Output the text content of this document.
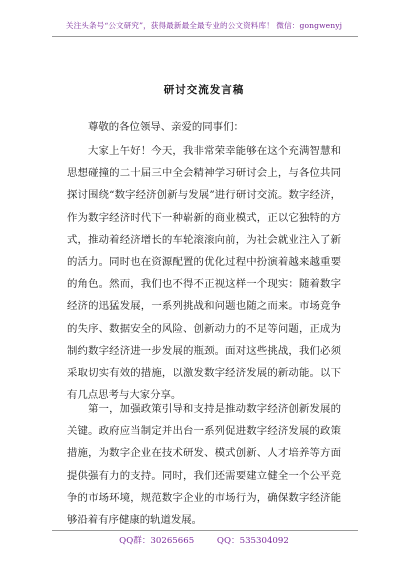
关注头条号“公文研究”，获得最新最全最专业的公文资料库！ 微信：gongwenyj
研讨交流发言稿
尊敬的各位领导、亲爱的同事们：

大家上午好！今天，我非常荣幸能够在这个充满智慧和思想碰撞的二十届三中全会精神学习研讨会上，与各位共同探讨围绕“数字经济创新与发展”进行研讨交流。数字经济，作为数字经济时代下一种崭新的商业模式，正以它独特的方式，推动着经济增长的车轮滚滚向前，为社会就业注入了新的活力。同时也在资源配置的优化过程中扮演着越来越重要的角色。然而，我们也不得不正视这样一个现实：随着数字经济的迅猛发展，一系列挑战和问题也随之而来。市场竞争的失序、数据安全的风险、创新动力的不足等问题，正成为制约数字经济进一步发展的瓶颈。面对这些挑战，我们必须采取切实有效的措施，以激发数字经济发展的新动能。以下有几点思考与大家分享。

第一，加强政策引导和支持是推动数字经济创新发展的关键。政府应当制定并出台一系列促进数字经济发展的政策措施，为数字企业在技术研发、模式创新、人才培养等方面提供强有力的支持。同时，我们还需要建立健全一个公平竞争的市场环境，规范数字企业的市场行为，确保数字经济能够沿着有序健康的轨道发展。

QQ群：30265665	QQ：535304092
